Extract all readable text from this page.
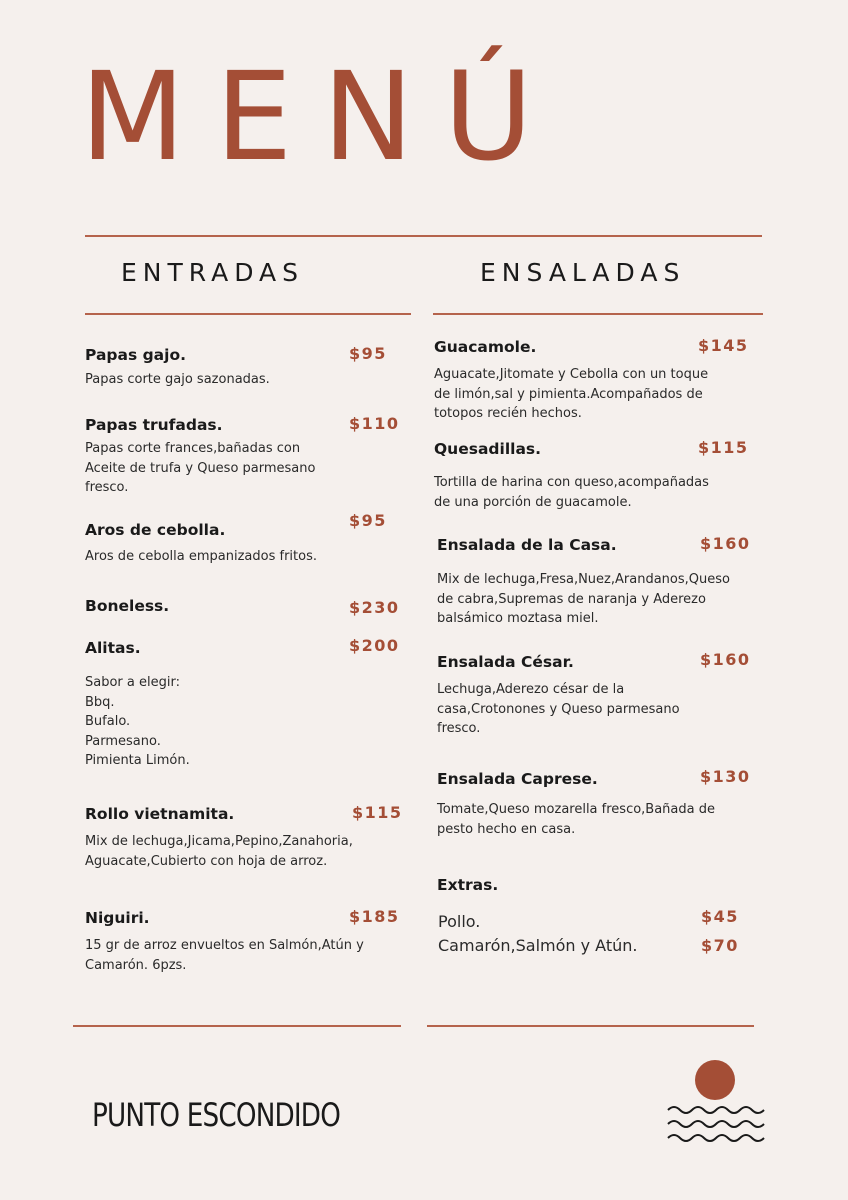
MENÚ
ENTRADAS	ENSALADAS
Papas gajo.
Papas corte gajo sazonadas.
$95
Papas trufadas.
Papas corte frances,bañadas con
Aceite de trufa y Queso parmesano
fresco.
$110
Aros de cebolla.
Aros de cebolla empanizados fritos.
$95
Boneless.	$230
Alitas.
Sabor a elegir:
Bbq.
Bufalo.
Parmesano.
Pimienta Limón.
$200
Rollo vietnamita.
Mix de lechuga,Jicama,Pepino,Zanahoria,
Aguacate,Cubierto con hoja de arroz.
$115
Niguiri.
15 gr de arroz envueltos en Salmón,Atún y
Camarón. 6pzs.
$185
Guacamole.
Aguacate,Jitomate y Cebolla con un toque
de limón,sal y pimienta.Acompañados de
totopos recién hechos.
$145
Quesadillas.
Tortilla de harina con queso,acompañadas
de una porción de guacamole.
$115
Ensalada de la Casa.
Mix de lechuga,Fresa,Nuez,Arandanos,Queso
de cabra,Supremas de naranja y Aderezo
balsámico moztasa miel.
$160
Ensalada César.
Lechuga,Aderezo césar de la
casa,Crotonones y Queso parmesano
fresco.
$160
Ensalada Caprese.
Tomate,Queso mozarella fresco,Bañada de
pesto hecho en casa.
$130
Extras.
Pollo.	$45
Camarón,Salmón y Atún.	$70
PUNTO ESCONDIDO
